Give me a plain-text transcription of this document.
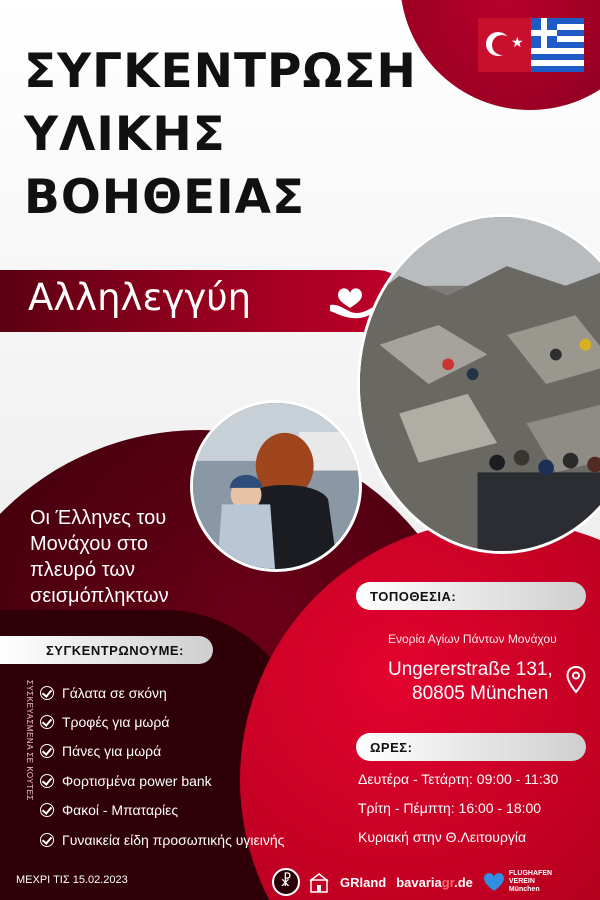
★
ΣΥΓΚΕΝΤΡΩΣΗ
ΥΛΙΚΗΣ
ΒΟΗΘΕΙΑΣ
Αλληλεγγύη
Οι Έλληνες του
Μονάχου στο
πλευρό των
σεισμόπληκτων
ΣΥΓΚΕΝΤΡΩΝΟΥΜΕ:
ΣΥΣΚΕΥΑΣΜΕΝΑ ΣΕ ΚΟΥΤΕΣ Γάλατα σε σκόνη
Τροφές για μωρά
Πάνες για μωρά
Φορτισμένα power bank
Φακοί - Μπαταρίες
Γυναικεία είδη προσωπικής υγιεινής
ΤΟΠΟΘΕΣΙΑ:
Ενορία Αγίων Πάντων Μονάχου
Ungererstraße 131,
80805 München
ΩΡΕΣ:
Δευτέρα - Τετάρτη: 09:00 - 11:30
Τρίτη - Πέμπτη: 16:00 - 18:00
Κυριακή στην Θ.Λειτουργία
ΜΕΧΡΙ ΤΙΣ 15.02.2023
☧	GRland bavariagr.de
FLUGHAFEN
VEREIN
München
